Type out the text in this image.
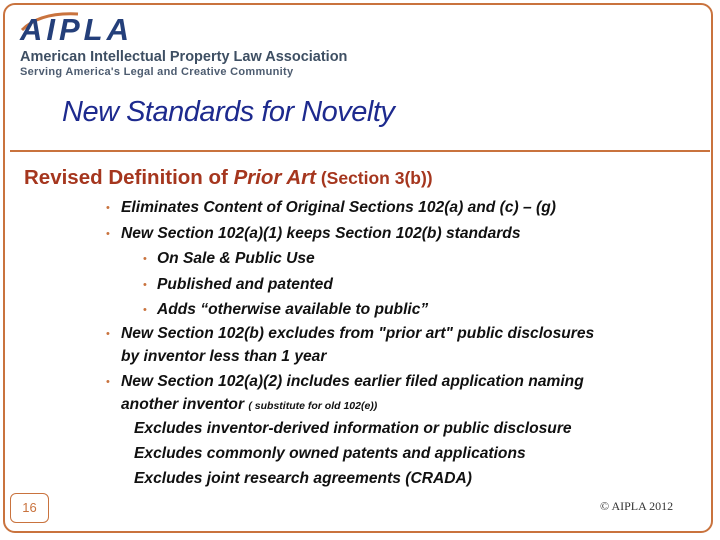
AIPLA
American Intellectual Property Law Association
Serving America's Legal and Creative Community
New Standards for Novelty
Revised Definition of Prior Art (Section 3(b))
• Eliminates Content of Original Sections 102(a) and (c) – (g)
• New Section 102(a)(1) keeps Section 102(b) standards
• On Sale & Public Use
• Published and patented
• Adds “otherwise available to public”
• New Section 102(b) excludes from "prior art" public disclosures
by inventor less than 1 year
• New Section 102(a)(2) includes earlier filed application naming
another inventor ( substitute for old 102(e))
Excludes inventor-derived information or public disclosure
Excludes commonly owned patents and applications
Excludes joint research agreements (CRADA)
16	© AIPLA 2012
